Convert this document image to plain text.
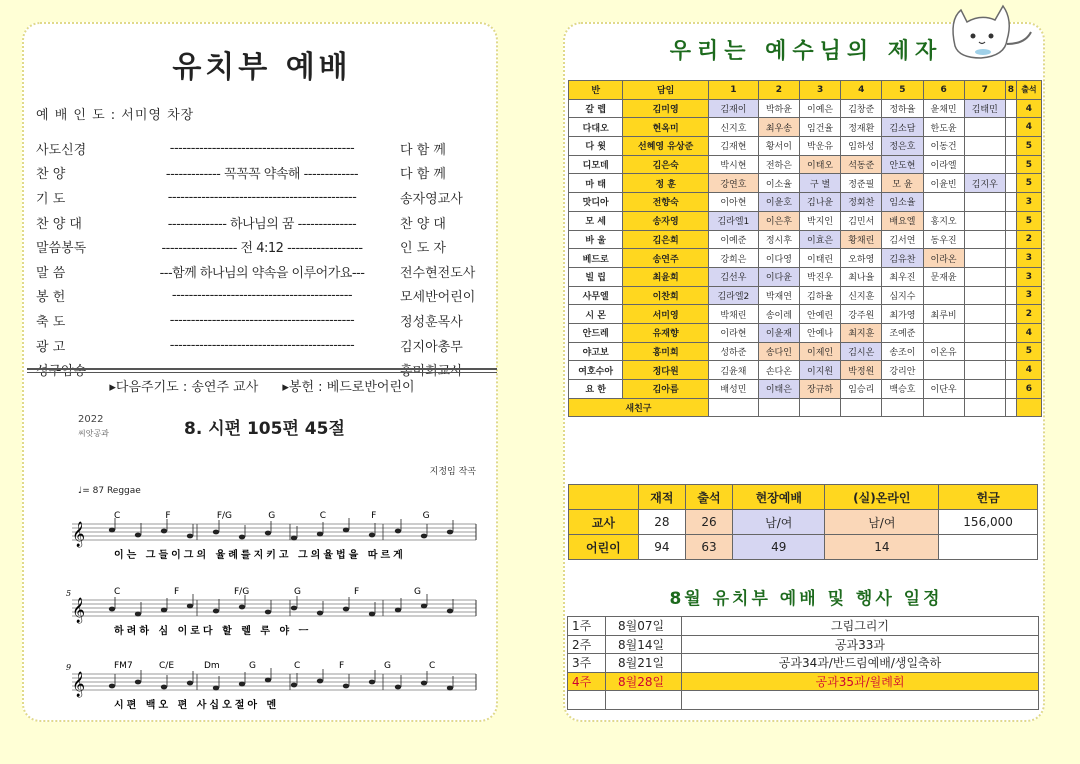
유치부 예배
예 배 인 도 : 서미영 차장
사도신경	--------------------------------------------	다 함 께
찬 양	------------- 꼭꼭꼭 약속해 -------------	다 함 께
기 도	---------------------------------------------	송자영교사
찬 양 대	-------------- 하나님의 꿈 --------------	찬 양 대
말씀봉독	------------------ 전 4:12 ------------------	인 도 자
말 씀	---함께 하나님의 약속을 이루어가요---	전수현전도사
봉 헌	-------------------------------------------	모세반어린이
축 도	--------------------------------------------	정성훈목사
광 고	--------------------------------------------	김지아총무
성구암송	--------------------------------------------	홍미희교사
▸다음주기도 : 송연주 교사 ▸봉헌 : 베드로반어린이
2022
씨앗공과	8. 시편 105편 45절
지정임 작곡
♩= 87 Reggae
𝄞
C	F	F/G	G	C	F	G
이는 그들이그의 율례를지키고 그의율법을 따르게
𝄞
C	F	F/G	G	F	G
하려하 심 이로다 할 렐 루 야 ㅡ
5
𝄞
FM7	C/E	Dm	G	C	F	G	C
시편 백오 편 사십오절아 멘
9
우리는 예수님의 제자
반	담임	1	2	3	4	5	6	7	8	출석
갈 렙	김미영	김재이	박하윤	이예은	김창준	정하율	윤채민	김태민		4
다대오	현옥미	신지호	최우송	임건율	정재환	김소담	한도윤			4
다 윗	선혜영 유상준	김재현	황서이	박운유	임하성	정은호	이동건			5
디모데	김은숙	박시현	전하은	이태오	석동준	안도현	이라엘			5
마 태	정 훈	강연호	이소율	구 별	정준필	모 윤	이윤빈	김지우		5
맛디아	전향숙	이아현	이윤호	김나윤	정회찬	임소율				3
모 세	송자영	김라엘1	이은후	박지인	김민서	배요엘	홍지오			5
바 울	김은희	이예준	정시후	이효은	황채린	김서연	동우진			2
베드로	송연주	강희은	이다영	이태린	오하영	김유찬	이라온			3
빌 립	최윤희	김선우	이다윤	박진우	최나율	최우진	문재윤			3
사무엘	이찬희	김라엘2	박재연	김하율	신지훈	심지수				3
시 몬	서미영	박채린	송이레	안예린	강주원	최가영	최루비			2
안드레	유재향	이라현	이윤재	안예나	최지훈	조예준				4
야고보	홍미희	성하준	송다인	이제인	김시온	송조이	이온유			5
여호수아	정다원	김윤채	손다온	이지원	박정원	강리안				4
요 한	김아름	배성민	이태은	장규하	임승리	백승호	이단우			6
새친구										
	재적	출석	현장예배	(실)온라인	헌금
교사	28	26	남/여	남/여	156,000
어린이	94	63	49	14	
8월 유치부 예배 및 행사 일정
1주	8월07일	그림그리기
2주	8월14일	공과33과
3주	8월21일	공과34과/반드림예배/생일축하
4주	8월28일	공과35과/월례회
